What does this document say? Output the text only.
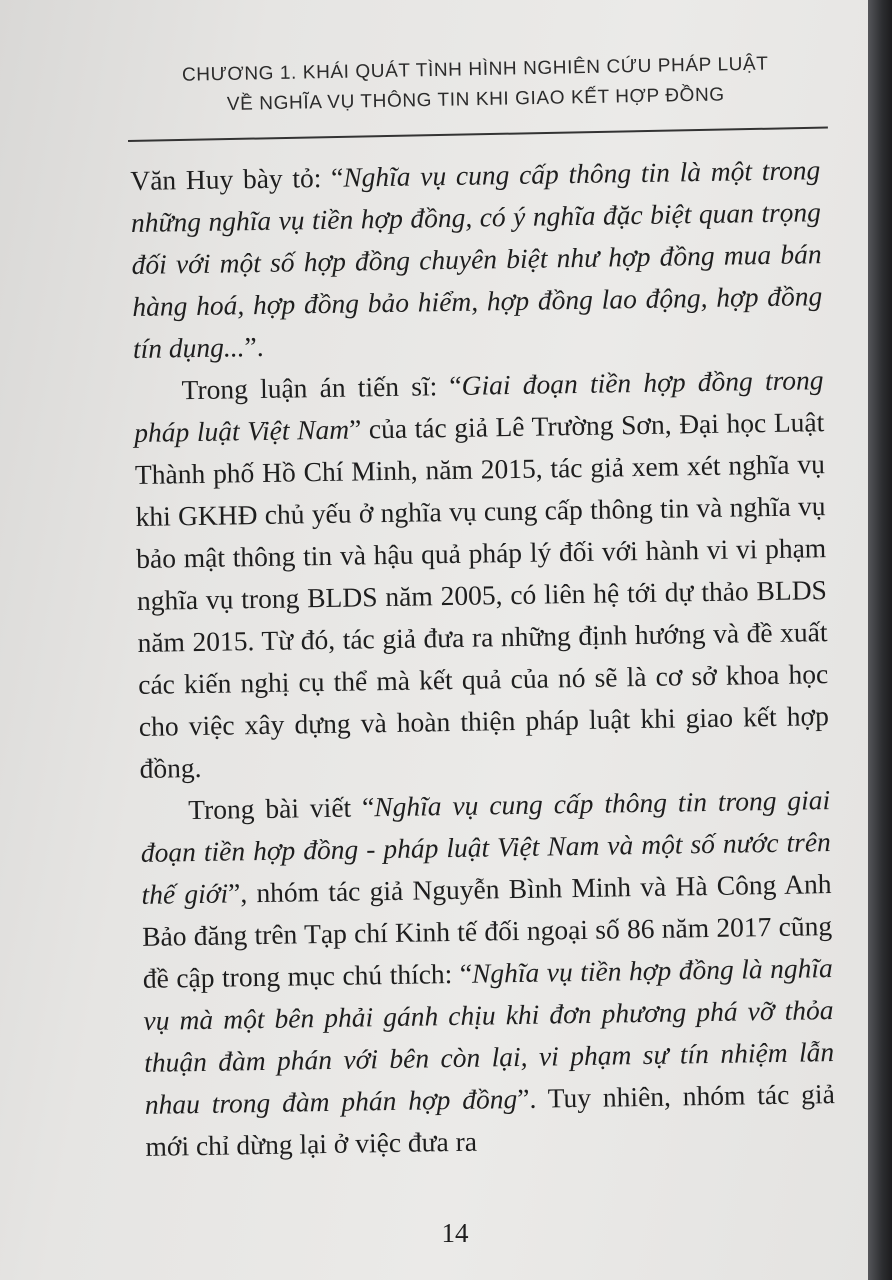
CHƯƠNG 1. KHÁI QUÁT TÌNH HÌNH NGHIÊN CỨU PHÁP LUẬT
VỀ NGHĨA VỤ THÔNG TIN KHI GIAO KẾT HỢP ĐỒNG

Văn Huy bày tỏ: “Nghĩa vụ cung cấp thông tin là một trong những nghĩa vụ tiền hợp đồng, có ý nghĩa đặc biệt quan trọng đối với một số hợp đồng chuyên biệt như hợp đồng mua bán hàng hoá, hợp đồng bảo hiểm, hợp đồng lao động, hợp đồng tín dụng...”.

Trong luận án tiến sĩ: “Giai đoạn tiền hợp đồng trong pháp luật Việt Nam” của tác giả Lê Trường Sơn, Đại học Luật Thành phố Hồ Chí Minh, năm 2015, tác giả xem xét nghĩa vụ khi GKHĐ chủ yếu ở nghĩa vụ cung cấp thông tin và nghĩa vụ bảo mật thông tin và hậu quả pháp lý đối với hành vi vi phạm nghĩa vụ trong BLDS năm 2005, có liên hệ tới dự thảo BLDS năm 2015. Từ đó, tác giả đưa ra những định hướng và đề xuất các kiến nghị cụ thể mà kết quả của nó sẽ là cơ sở khoa học cho việc xây dựng và hoàn thiện pháp luật khi giao kết hợp đồng.

Trong bài viết “Nghĩa vụ cung cấp thông tin trong giai đoạn tiền hợp đồng - pháp luật Việt Nam và một số nước trên thế giới”, nhóm tác giả Nguyễn Bình Minh và Hà Công Anh Bảo đăng trên Tạp chí Kinh tế đối ngoại số 86 năm 2017 cũng đề cập trong mục chú thích: “Nghĩa vụ tiền hợp đồng là nghĩa vụ mà một bên phải gánh chịu khi đơn phương phá vỡ thỏa thuận đàm phán với bên còn lại, vi phạm sự tín nhiệm lẫn nhau trong đàm phán hợp đồng”. Tuy nhiên, nhóm tác giả mới chỉ dừng lại ở việc đưa ra

14
